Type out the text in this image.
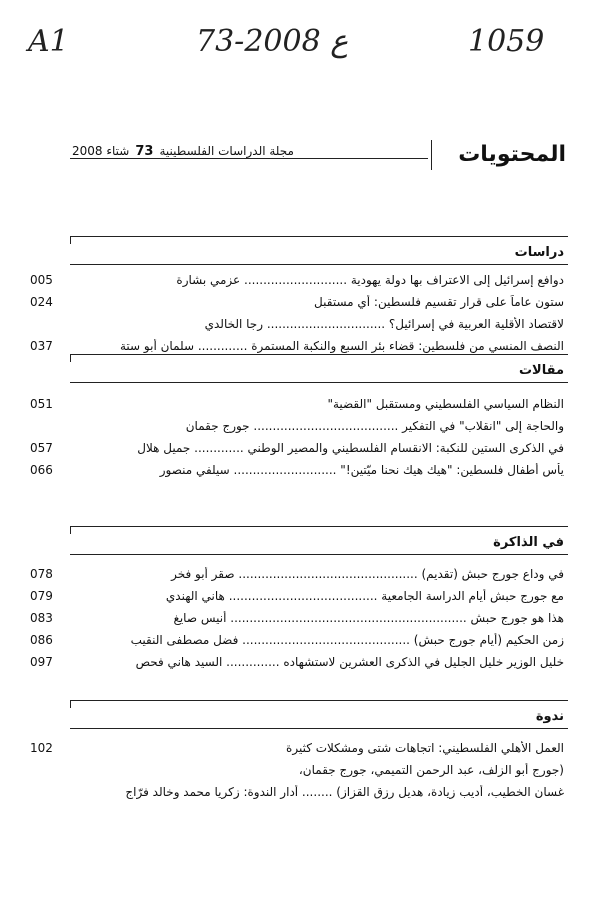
A1	73-ع 2008	1059
المحتويات
مجلة الدراسات الفلسطينية
73
شتاء 2008
دراسات
005	دوافع إسرائيل إلى الاعتراف بها دولة يهودية ........................... عزمي بشارة
024	ستون عاماً على قرار تقسيم فلسطين: أي مستقبل
لاقتصاد الأقلية العربية في إسرائيل؟ ............................... رجا الخالدي
037	النصف المنسي من فلسطين: قضاء بئر السبع والنكبة المستمرة ............. سلمان أبو ستة
مقالات
051	النظام السياسي الفلسطيني ومستقبل "القضية"
والحاجة إلى "انقلاب" في التفكير ...................................... جورج جقمان
057	في الذكرى الستين للنكبة: الانقسام الفلسطيني والمصير الوطني ............. جميل هلال
066	يأس أطفال فلسطين: "هيك هيك نحنا ميّتين!" ........................... سيلفي منصور
في الذاكرة
078	في وداع جورج حبش (تقديم) ............................................... صقر أبو فخر
079	مع جورج حبش أيام الدراسة الجامعية ....................................... هاني الهندي
083	هذا هو جورج حبش .............................................................. أنيس صايغ
086	زمن الحكيم (أيام جورج حبش) ............................................ فضل مصطفى النقيب
097	خليل الوزير خليل الجليل في الذكرى العشرين لاستشهاده .............. السيد هاني فحص
ندوة
102	العمل الأهلي الفلسطيني: اتجاهات شتى ومشكلات كثيرة
(جورج أبو الزلف، عبد الرحمن التميمي، جورج جقمان،
غسان الخطيب، أديب زيادة، هديل رزق القزاز) ........ أدار الندوة: زكريا محمد وخالد فرّاج
